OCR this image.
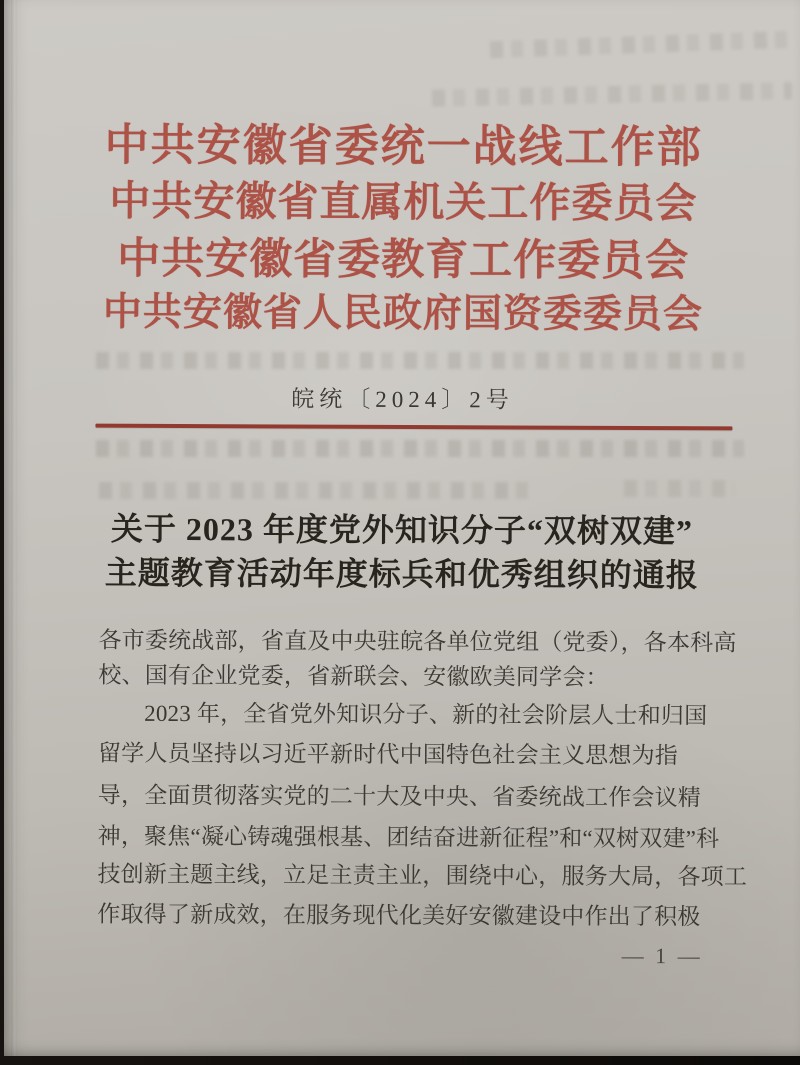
中共安徽省委统一战线工作部
中共安徽省直属机关工作委员会
中共安徽省委教育工作委员会
中共安徽省人民政府国资委委员会
皖统〔2024〕2号
关于 2023 年度党外知识分子“双树双建”
主题教育活动年度标兵和优秀组织的通报
各市委统战部，省直及中央驻皖各单位党组（党委），各本科高
校、国有企业党委，省新联会、安徽欧美同学会：
2023 年，全省党外知识分子、新的社会阶层人士和归国
留学人员坚持以习近平新时代中国特色社会主义思想为指
导，全面贯彻落实党的二十大及中央、省委统战工作会议精
神，聚焦“凝心铸魂强根基、团结奋进新征程”和“双树双建”科
技创新主题主线，立足主责主业，围绕中心，服务大局，各项工
作取得了新成效，在服务现代化美好安徽建设中作出了积极
— 1 —
